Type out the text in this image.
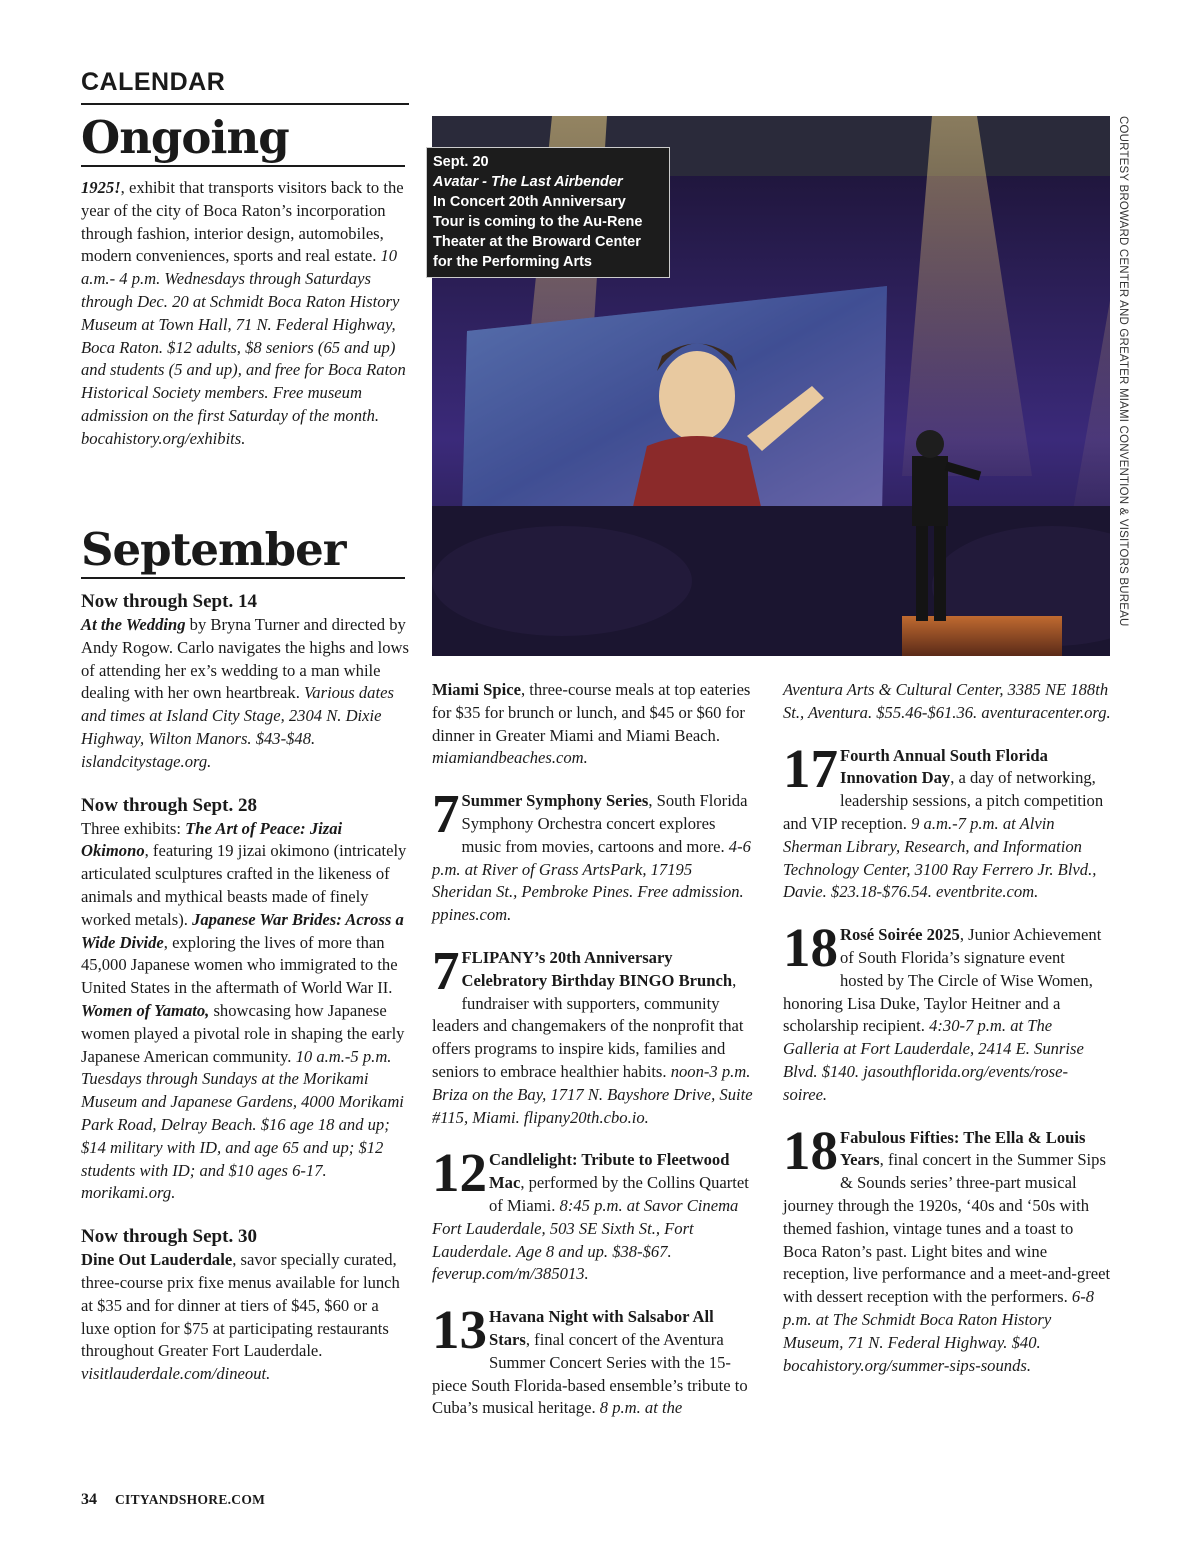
CALENDAR
Ongoing

1925!, exhibit that transports visitors back to the year of the city of Boca Raton’s incorporation through fashion, interior design, automobiles, modern conveniences, sports and real estate. 10 a.m.- 4 p.m. Wednesdays through Saturdays through Dec. 20 at Schmidt Boca Raton History Museum at Town Hall, 71 N. Federal Highway, Boca Raton. $12 adults, $8 seniors (65 and up) and students (5 and up), and free for Boca Raton Historical Society members. Free museum admission on the first Saturday of the month. bocahistory.org/exhibits.

September
Now through Sept. 14

At the Wedding by Bryna Turner and directed by Andy Rogow. Carlo navigates the highs and lows of attending her ex’s wedding to a man while dealing with her own heartbreak. Various dates and times at Island City Stage, 2304 N. Dixie Highway, Wilton Manors. $43-$48. islandcitystage.org.

Now through Sept. 28

Three exhibits: The Art of Peace: Jizai Okimono, featuring 19 jizai okimono (intricately articulated sculptures crafted in the likeness of animals and mythical beasts made of finely worked metals). Japanese War Brides: Across a Wide Divide, exploring the lives of more than 45,000 Japanese women who immigrated to the United States in the aftermath of World War II. Women of Yamato, showcasing how Japanese women played a pivotal role in shaping the early Japanese American community. 10 a.m.-5 p.m. Tuesdays through Sundays at the Morikami Museum and Japanese Gardens, 4000 Morikami Park Road, Delray Beach. $16 age 18 and up; $14 military with ID, and age 65 and up; $12 students with ID; and $10 ages 6-17. morikami.org.

Now through Sept. 30

Dine Out Lauderdale, savor specially curated, three-course prix fixe menus available for lunch at $35 and for dinner at tiers of $45, $60 or a luxe option for $75 at participating restaurants throughout Greater Fort Lauderdale. visitlauderdale.com/dineout.

Sept. 20
Avatar - The Last Airbender
In Concert 20th Anniversary Tour is coming to the Au-Rene Theater at the Broward Center for the Performing Arts	COURTESY BROWARD CENTER AND GREATER MIAMI CONVENTION & VISITORS BUREAU

Miami Spice, three-course meals at top eateries for $35 for brunch or lunch, and $45 or $60 for dinner in Greater Miami and Miami Beach. miamiandbeaches.com.

7 Summer Symphony Series, South Florida Symphony Orchestra concert explores music from movies, cartoons and more. 4-6 p.m. at River of Grass ArtsPark, 17195 Sheridan St., Pembroke Pines. Free admission. ppines.com.

7 FLIPANY’s 20th Anniversary Celebratory Birthday BINGO Brunch, fundraiser with supporters, community leaders and changemakers of the nonprofit that offers programs to inspire kids, families and seniors to embrace healthier habits. noon-3 p.m. Briza on the Bay, 1717 N. Bayshore Drive, Suite #115, Miami. flipany20th.cbo.io.

12 Candlelight: Tribute to Fleetwood Mac, performed by the Collins Quartet of Miami. 8:45 p.m. at Savor Cinema Fort Lauderdale, 503 SE Sixth St., Fort Lauderdale. Age 8 and up. $38-$67. feverup.com/m/385013.

13 Havana Night with Salsabor All Stars, final concert of the Aventura Summer Concert Series with the 15-piece South Florida-based ensemble’s tribute to Cuba’s musical heritage. 8 p.m. at the

Aventura Arts & Cultural Center, 3385 NE 188th St., Aventura. $55.46-$61.36. aventuracenter.org.

17 Fourth Annual South Florida Innovation Day, a day of networking, leadership sessions, a pitch competition and VIP reception. 9 a.m.-7 p.m. at Alvin Sherman Library, Research, and Information Technology Center, 3100 Ray Ferrero Jr. Blvd., Davie. $23.18-$76.54. eventbrite.com.

18 Rosé Soirée 2025, Junior Achievement of South Florida’s signature event hosted by The Circle of Wise Women, honoring Lisa Duke, Taylor Heitner and a scholarship recipient. 4:30-7 p.m. at The Galleria at Fort Lauderdale, 2414 E. Sunrise Blvd. $140. jasouthflorida.org/events/rose-soiree.

18 Fabulous Fifties: The Ella & Louis Years, final concert in the Summer Sips & Sounds series’ three-part musical journey through the 1920s, ‘40s and ‘50s with themed fashion, vintage tunes and a toast to Boca Raton’s past. Light bites and wine reception, live performance and a meet-and-greet with dessert reception with the performers. 6-8 p.m. at The Schmidt Boca Raton History Museum, 71 N. Federal Highway. $40. bocahistory.org/summer-sips-sounds.

34 CITYANDSHORE.COM
